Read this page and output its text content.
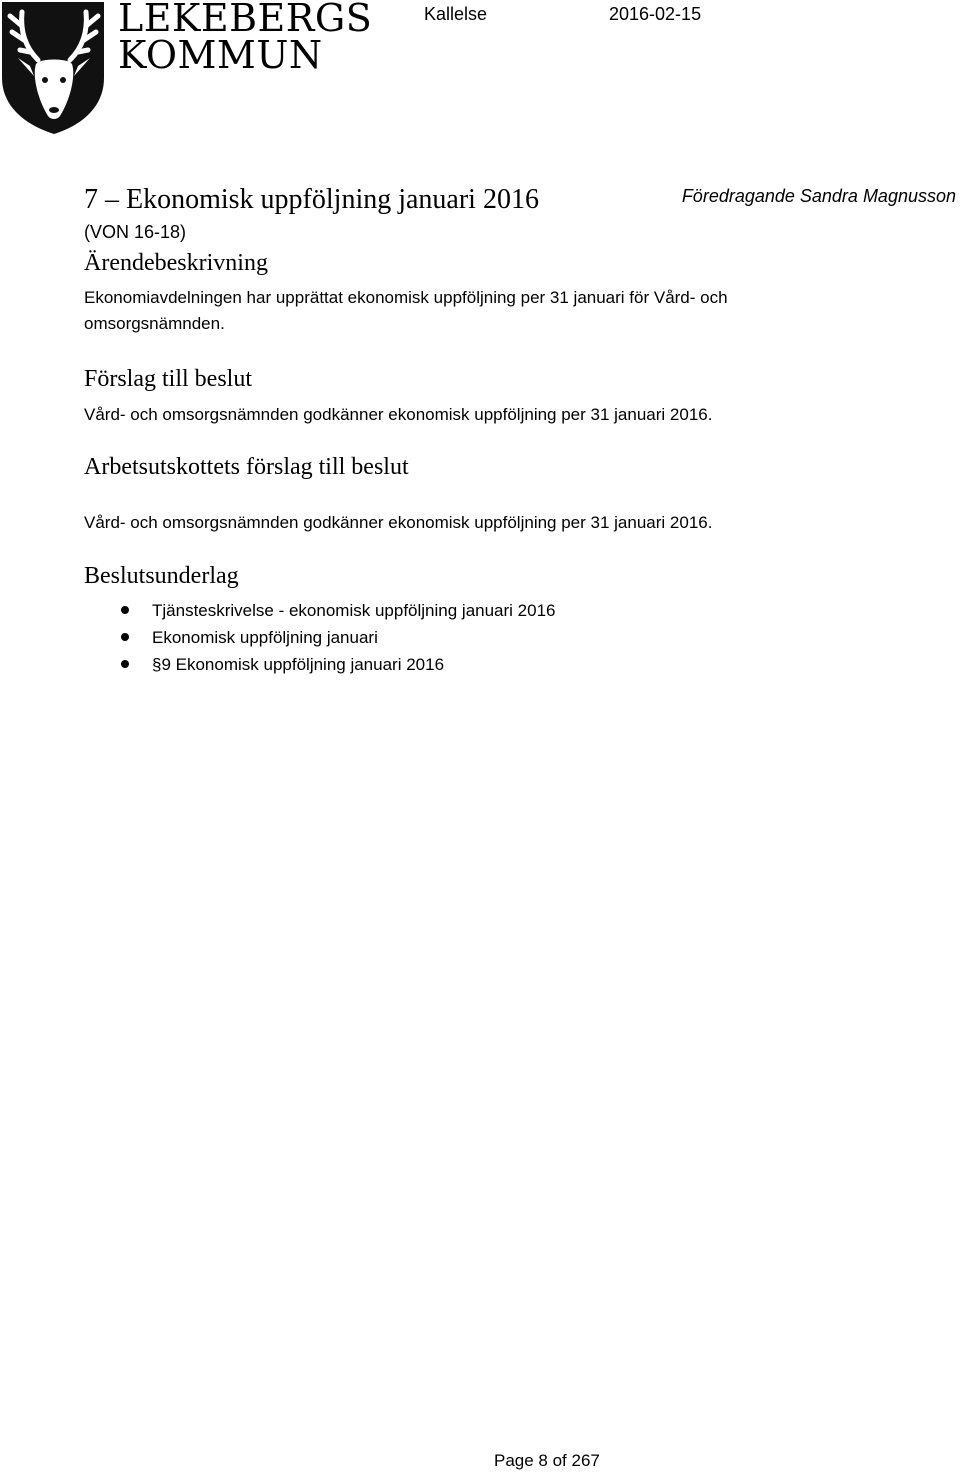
LEKEBERGS
KOMMUN
Kallelse	2016-02-15
7 – Ekonomisk uppföljning januari 2016	Föredragande Sandra Magnusson
(VON 16-18)
Ärendebeskrivning

Ekonomiavdelningen har upprättat ekonomisk uppföljning per 31 januari för Vård- och omsorgsnämnden.

Förslag till beslut

Vård- och omsorgsnämnden godkänner ekonomisk uppföljning per 31 januari 2016.

Arbetsutskottets förslag till beslut

Vård- och omsorgsnämnden godkänner ekonomisk uppföljning per 31 januari 2016.

Beslutsunderlag
Tjänsteskrivelse - ekonomisk uppföljning januari 2016
Ekonomisk uppföljning januari
§9 Ekonomisk uppföljning januari 2016
Page 8 of 267
